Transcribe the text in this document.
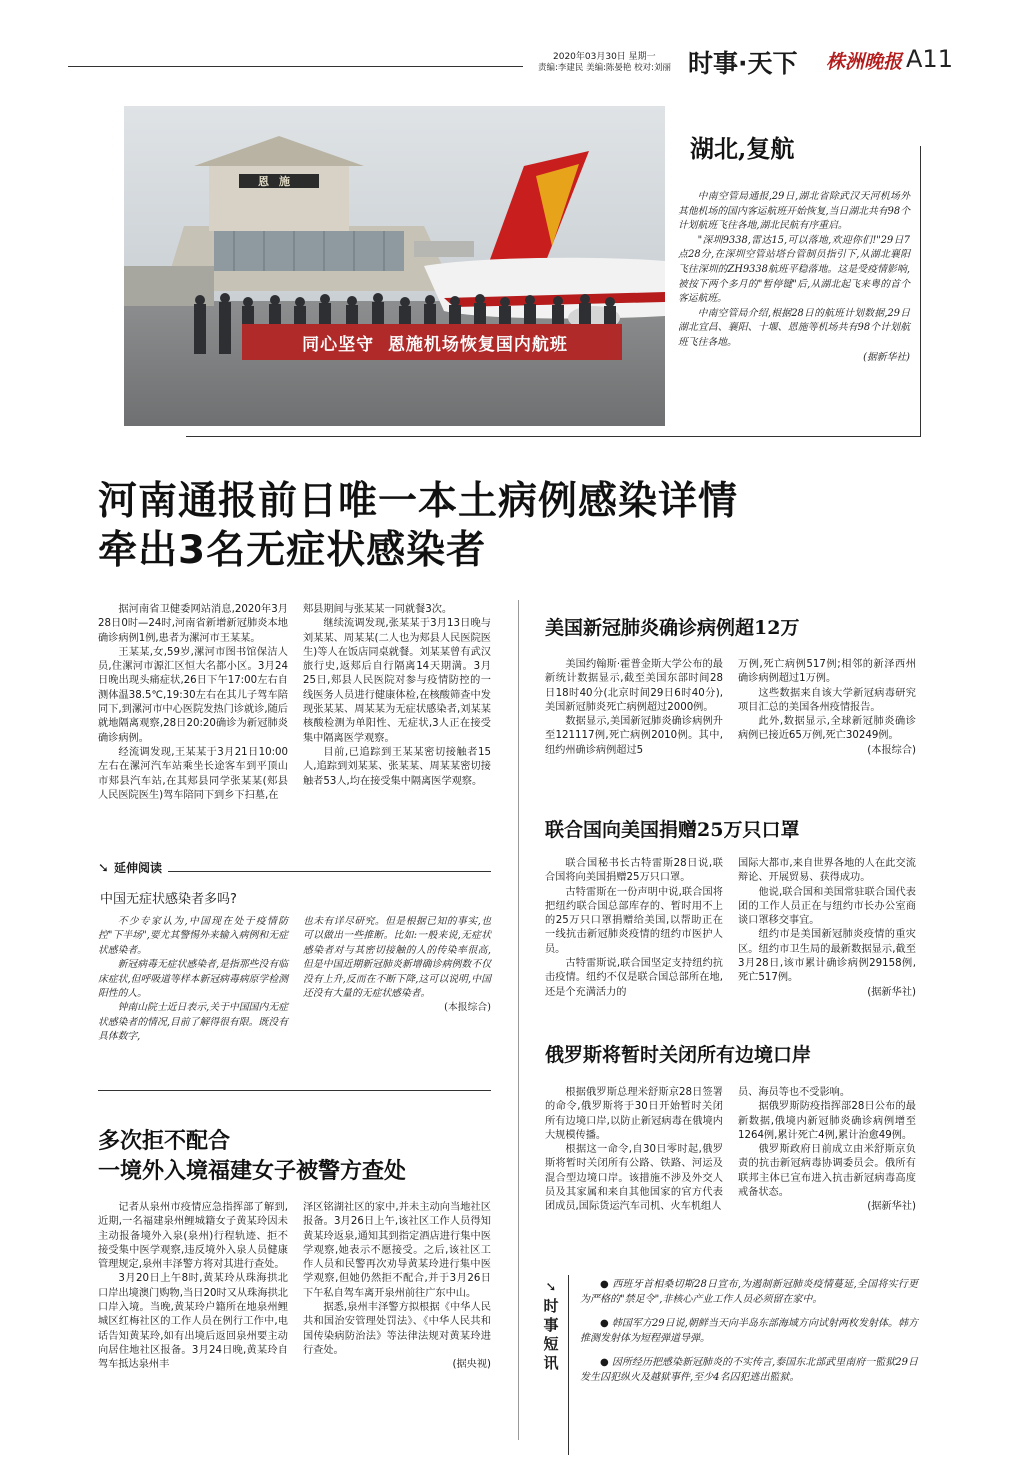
2020年03月30日 星期一
责编:李建民 美编:陈晏艳 校对:刘丽 时事·天下 株洲晚报 A11
恩施
同心坚守  恩施机场恢复国内航班
湖北,复航

中南空管局通报,29日,湖北省除武汉天河机场外其他机场的国内客运航班开始恢复,当日湖北共有98个计划航班飞往各地,湖北民航有序重启。

"深圳9338,雷达15,可以落地,欢迎你们!"29日7点28分,在深圳空管站塔台管制员指引下,从湖北襄阳飞往深圳的ZH9338航班平稳落地。这是受疫情影响,被按下两个多月的"暂停键"后,从湖北起飞来粤的首个客运航班。

中南空管局介绍,根据28日的航班计划数据,29日湖北宜昌、襄阳、十堰、恩施等机场共有98个计划航班飞往各地。

(据新华社)
河南通报前日唯一本土病例感染详情
牵出3名无症状感染者

据河南省卫健委网站消息,2020年3月28日0时—24时,河南省新增新冠肺炎本地确诊病例1例,患者为漯河市王某某。

王某某,女,59岁,漯河市图书馆保洁人员,住漯河市源汇区恒大名都小区。3月24日晚出现头痛症状,26日下午17:00左右自测体温38.5℃,19:30左右在其儿子驾车陪同下,到漯河市中心医院发热门诊就诊,随后就地隔离观察,28日20:20确诊为新冠肺炎确诊病例。

经流调发现,王某某于3月21日10:00左右在漯河汽车站乘坐长途客车到平顶山市郏县汽车站,在其郏县同学张某某(郏县人民医院医生)驾车陪同下到乡下扫墓,在

郏县期间与张某某一同就餐3次。

继续流调发现,张某某于3月13日晚与刘某某、周某某(二人也为郏县人民医院医生)等人在饭店同桌就餐。刘某某曾有武汉旅行史,返郏后自行隔离14天期满。3月25日,郏县人民医院对参与疫情防控的一线医务人员进行健康体检,在核酸筛查中发现张某某、周某某为无症状感染者,刘某某核酸检测为单阳性、无症状,3人正在接受集中隔离医学观察。

目前,已追踪到王某某密切接触者15人,追踪到刘某某、张某某、周某某密切接触者53人,均在接受集中隔离医学观察。

➘ 延伸阅读
中国无症状感染者多吗?

不少专家认为,中国现在处于疫情防控"下半场",要尤其警惕外来输入病例和无症状感染者。

新冠病毒无症状感染者,是指那些没有临床症状,但呼吸道等样本新冠病毒病原学检测阳性的人。

钟南山院士近日表示,关于中国国内无症状感染者的情况,目前了解得很有限。既没有具体数字,

也未有详尽研究。但是根据已知的事实,也可以做出一些推断。比如:一般来说,无症状感染者对与其密切接触的人的传染率很高,但是中国近期新冠肺炎新增确诊病例数不仅没有上升,反而在不断下降,这可以说明,中国还没有大量的无症状感染者。
(本报综合)
多次拒不配合
一境外入境福建女子被警方查处

记者从泉州市疫情应急指挥部了解到,近期,一名福建泉州鲤城籍女子黄某玲因未主动报备境外入泉(泉州)行程轨迹、拒不接受集中医学观察,违反境外入泉人员健康管理规定,泉州丰泽警方将对其进行查处。

3月20日上午8时,黄某玲从珠海拱北口岸出境澳门购物,当日20时又从珠海拱北口岸入境。当晚,黄某玲户籍所在地泉州鲤城区红梅社区的工作人员在例行工作中,电话告知黄某玲,如有出境后返回泉州要主动向居住地社区报备。3月24日晚,黄某玲自驾车抵达泉州丰

泽区铭湖社区的家中,并未主动向当地社区报备。3月26日上午,该社区工作人员得知黄某玲返泉,通知其到指定酒店进行集中医学观察,她表示不愿接受。之后,该社区工作人员和民警再次劝导黄某玲进行集中医学观察,但她仍然拒不配合,并于3月26日下午私自驾车离开泉州前往广东中山。

据悉,泉州丰泽警方拟根据《中华人民共和国治安管理处罚法》、《中华人民共和国传染病防治法》等法律法规对黄某玲进行查处。

(据央视)
美国新冠肺炎确诊病例超12万

美国约翰斯·霍普金斯大学公布的最新统计数据显示,截至美国东部时间28日18时40分(北京时间29日6时40分),美国新冠肺炎死亡病例超过2000例。

数据显示,美国新冠肺炎确诊病例升至121117例,死亡病例2010例。其中,纽约州确诊病例超过5

万例,死亡病例517例;相邻的新泽西州确诊病例超过1万例。

这些数据来自该大学新冠病毒研究项目汇总的美国各州疫情报告。

此外,数据显示,全球新冠肺炎确诊病例已接近65万例,死亡30249例。

(本报综合)
联合国向美国捐赠25万只口罩

联合国秘书长古特雷斯28日说,联合国将向美国捐赠25万只口罩。

古特雷斯在一份声明中说,联合国将把纽约联合国总部库存的、暂时用不上的25万只口罩捐赠给美国,以帮助正在一线抗击新冠肺炎疫情的纽约市医护人员。

古特雷斯说,联合国坚定支持纽约抗击疫情。纽约不仅是联合国总部所在地,还是个充满活力的

国际大都市,来自世界各地的人在此交流辩论、开展贸易、获得成功。

他说,联合国和美国常驻联合国代表团的工作人员正在与纽约市长办公室商谈口罩移交事宜。

纽约市是美国新冠肺炎疫情的重灾区。纽约市卫生局的最新数据显示,截至3月28日,该市累计确诊病例29158例,死亡517例。

(据新华社)
俄罗斯将暂时关闭所有边境口岸

根据俄罗斯总理米舒斯京28日签署的命令,俄罗斯将于30日开始暂时关闭所有边境口岸,以防止新冠病毒在俄境内大规模传播。

根据这一命令,自30日零时起,俄罗斯将暂时关闭所有公路、铁路、河运及混合型边境口岸。该措施不涉及外交人员及其家属和来自其他国家的官方代表团成员,国际货运汽车司机、火车机组人

员、海员等也不受影响。

据俄罗斯防疫指挥部28日公布的最新数据,俄境内新冠肺炎确诊病例增至1264例,累计死亡4例,累计治愈49例。

俄罗斯政府日前成立由米舒斯京负责的抗击新冠病毒协调委员会。俄所有联邦主体已宣布进入抗击新冠病毒高度戒备状态。

(据新华社)
➘
时
事
短
讯

● 西班牙首相桑切斯28日宣布,为遏制新冠肺炎疫情蔓延,全国将实行更为严格的"禁足令",非核心产业工作人员必须留在家中。

● 韩国军方29日说,朝鲜当天向半岛东部海域方向试射两枚发射体。韩方推测发射体为短程弹道导弹。

● 因所经历把感染新冠肺炎的不实传言,泰国东北部武里南府一監狱29日发生囚犯纵火及越狱事件,至少4名囚犯逃出監狱。
